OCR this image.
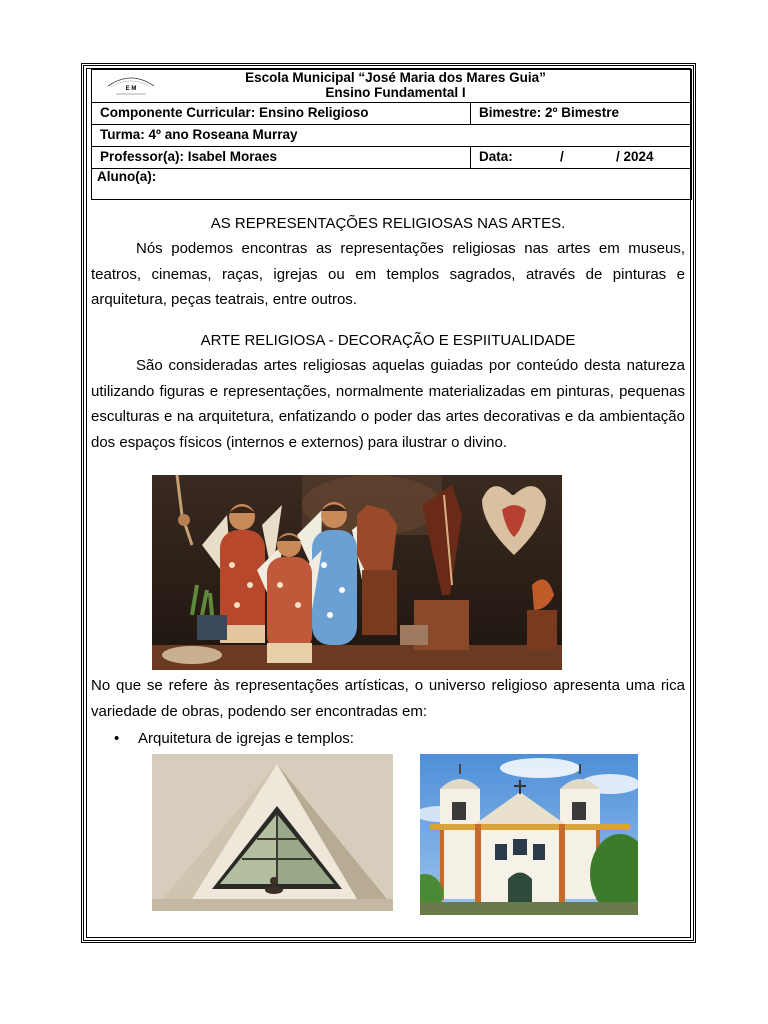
Escola Municipal “José Maria dos Mares Guia”
Ensino Fundamental I	

Componente Curricular: Ensino Religioso	Bimestre: 2º Bimestre
Turma: 4º ano Roseana Murray	
Professor(a): Isabel Moraes	Data: / / 2024

Aluno(a):	
E M
AS REPRESENTAÇÕES RELIGIOSAS NAS ARTES.
Nós podemos encontras as representações religiosas nas artes em museus, teatros, cinemas, raças, igrejas ou em templos sagrados, através de pinturas e arquitetura, peças teatrais, entre outros.
ARTE RELIGIOSA - DECORAÇÃO E ESPIITUALIDADE
São consideradas artes religiosas aquelas guiadas por conteúdo desta natureza utilizando figuras e representações, normalmente materializadas em pinturas, pequenas esculturas e na arquitetura, enfatizando o poder das artes decorativas e da ambientação dos espaços físicos (internos e externos) para ilustrar o divino.
No que se refere às representações artísticas, o universo religioso apresenta uma rica variedade de obras, podendo ser encontradas em:
• Arquitetura de igrejas e templos:
